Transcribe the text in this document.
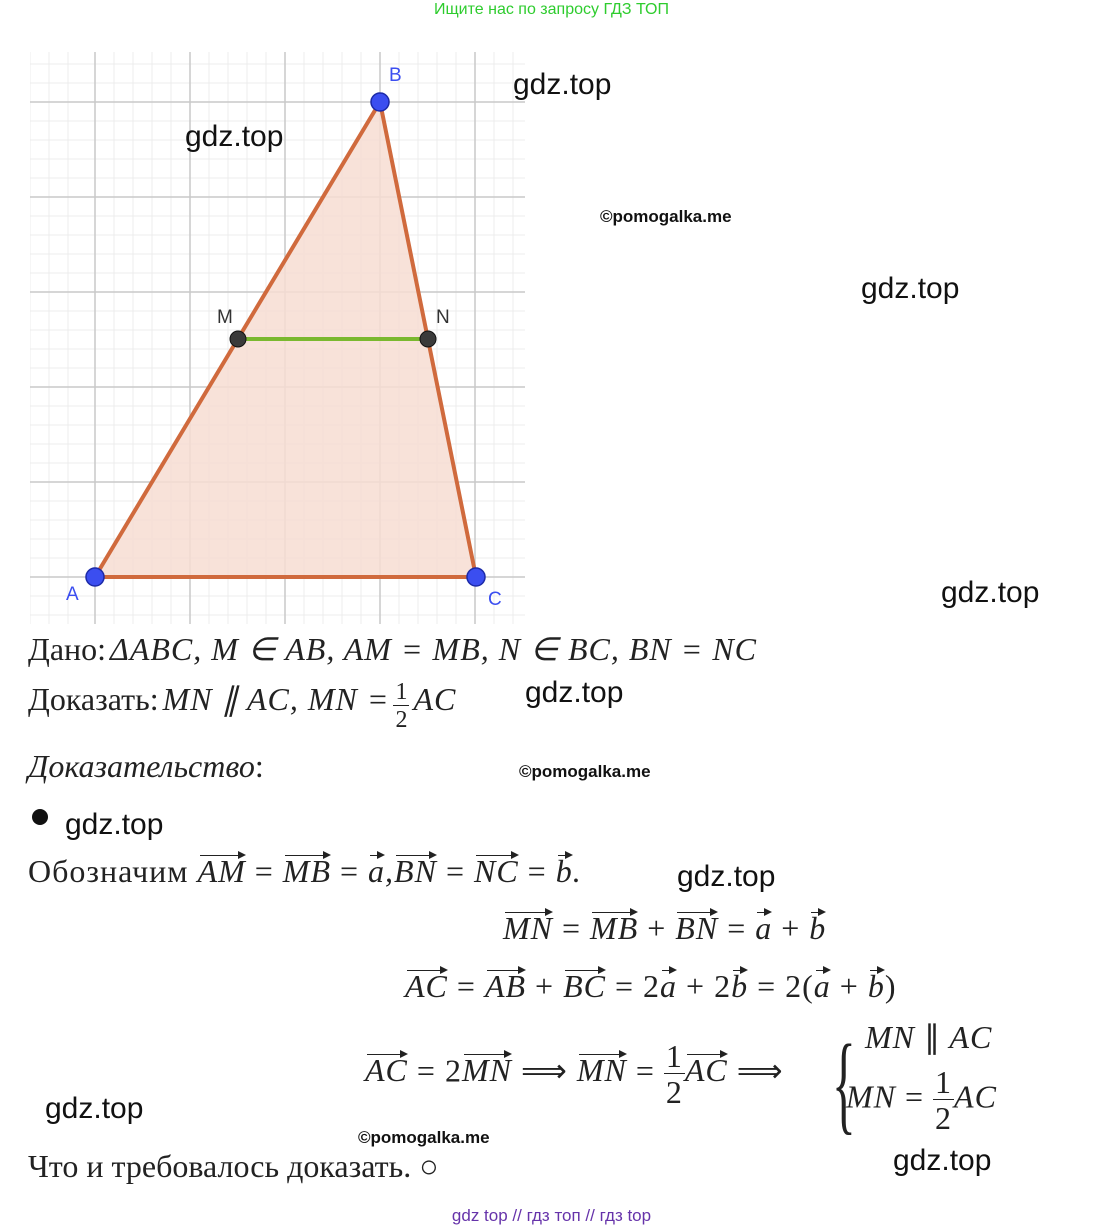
Ищите нас по запросу ГДЗ ТОП
A
B
C
M	N
gdz.top
gdz.top
©pomogalka.me
gdz.top
gdz.top
gdz.top
©pomogalka.me
gdz.top
gdz.top
gdz.top
©pomogalka.me
gdz.top
Дано: ΔABC, M ∈ AB, AM = MB, N ∈ BC, BN = NC
Доказать: MN ∥ AC, MN = $\frac{1}{2}$ AC
Доказательство:
Обозначим AM = MB = a,BN = NC = b.
MN = MB + BN = a + b
AC = AB + BC = 2a + 2b = 2(a + b)
AC = 2MN ⟹ MN = $\frac{1}{2}$ AC ⟹ { MN ∥ AC
MN = $\frac{1}{2}$ AC
Что и требовалось доказать. ○
gdz top // гдз топ // гдз top
